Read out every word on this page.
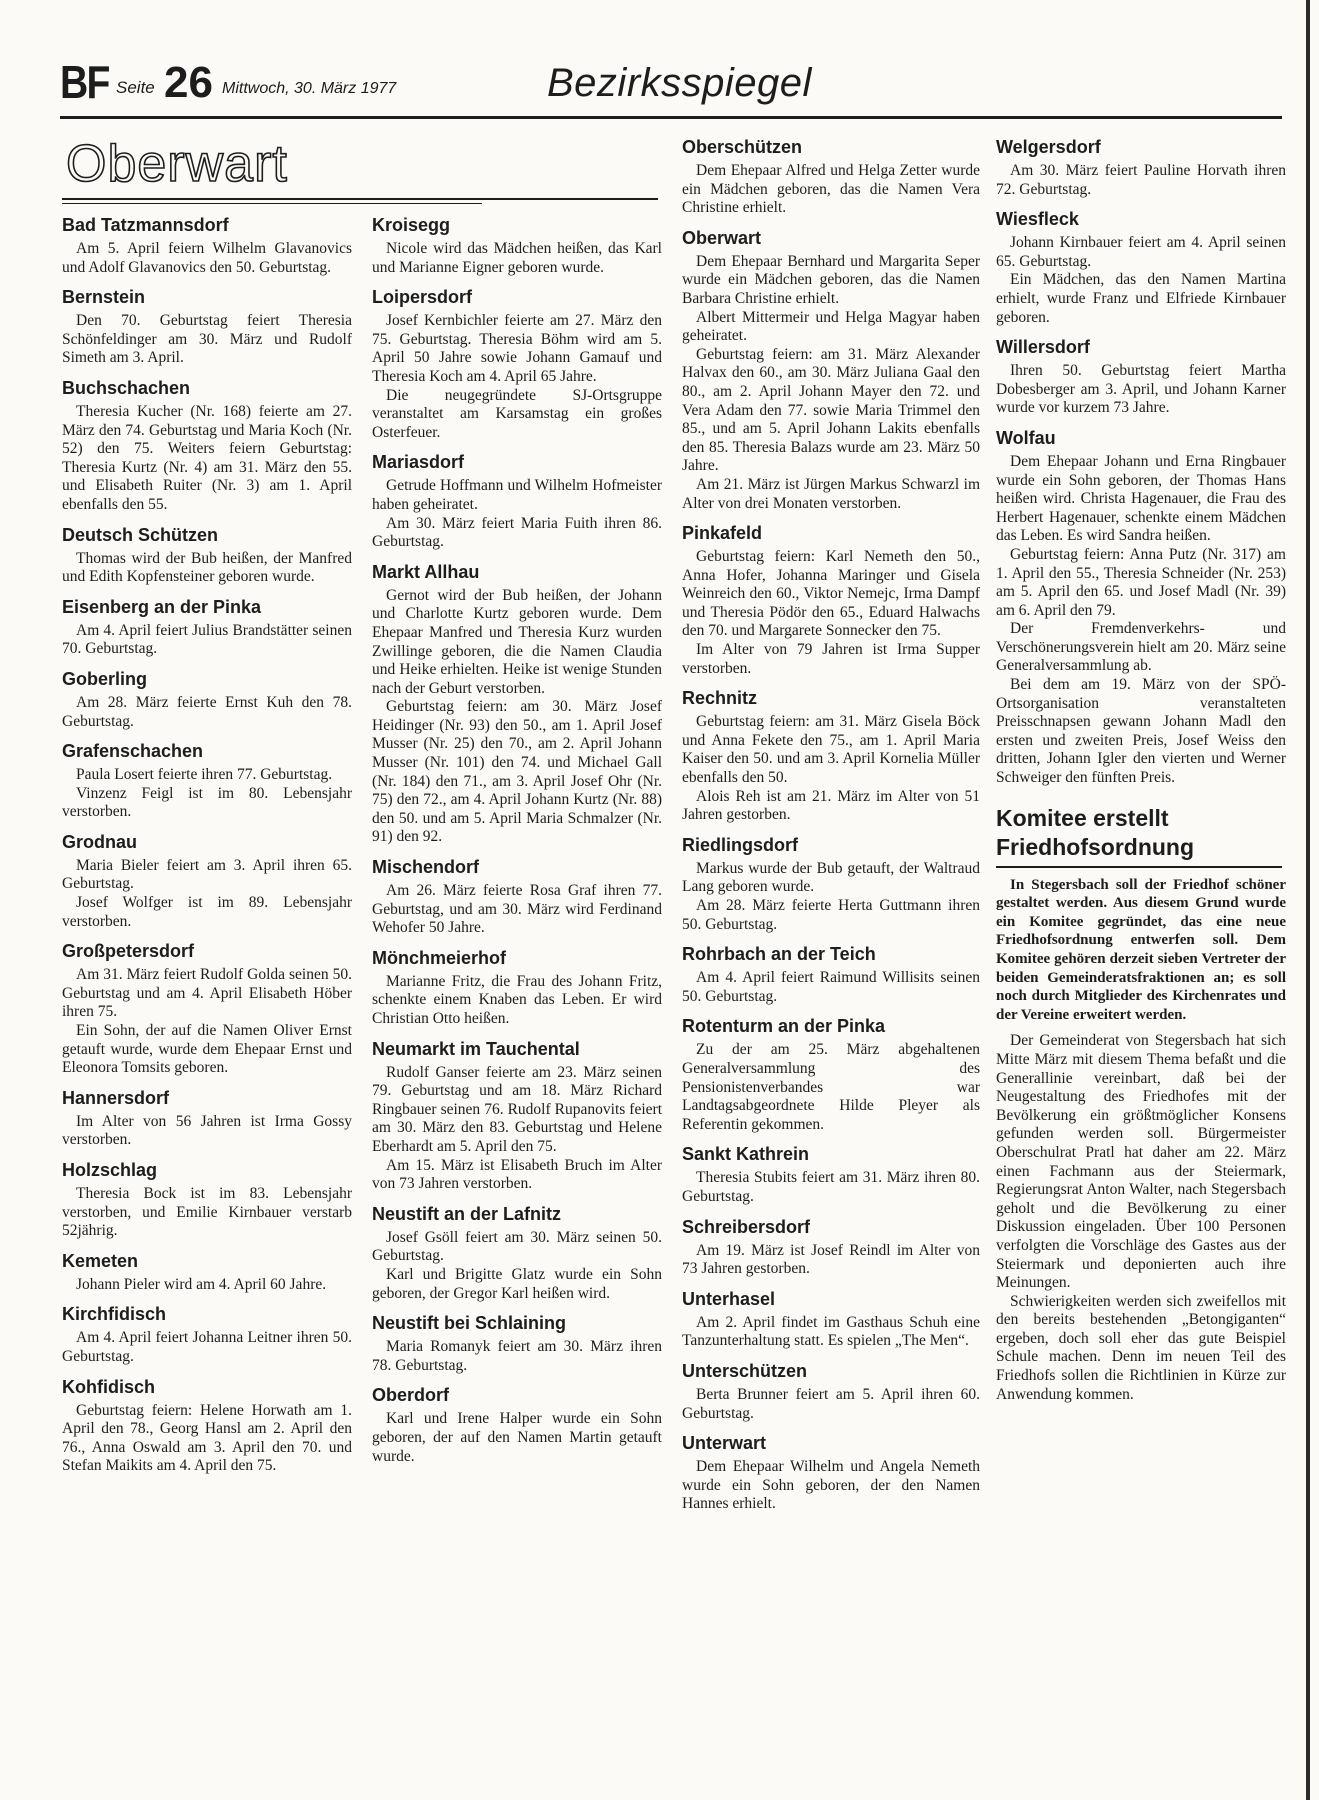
BF Seite 26 Mittwoch, 30. März 1977	Bezirksspiegel
Oberwart
Bad Tatzmannsdorf

Am 5. April feiern Wilhelm Glavanovics und Adolf Glavanovics den 50. Geburtstag.

Bernstein

Den 70. Geburtstag feiert Theresia Schönfeldinger am 30. März und Rudolf Simeth am 3. April.

Buchschachen

Theresia Kucher (Nr. 168) feierte am 27. März den 74. Geburtstag und Maria Koch (Nr. 52) den 75. Weiters feiern Geburtstag: Theresia Kurtz (Nr. 4) am 31. März den 55. und Elisabeth Ruiter (Nr. 3) am 1. April ebenfalls den 55.

Deutsch Schützen

Thomas wird der Bub heißen, der Manfred und Edith Kopfensteiner geboren wurde.

Eisenberg an der Pinka

Am 4. April feiert Julius Brandstätter seinen 70. Geburtstag.

Goberling

Am 28. März feierte Ernst Kuh den 78. Geburtstag.

Grafenschachen

Paula Losert feierte ihren 77. Geburtstag.

Vinzenz Feigl ist im 80. Lebensjahr verstorben.

Grodnau

Maria Bieler feiert am 3. April ihren 65. Geburtstag.

Josef Wolfger ist im 89. Lebensjahr verstorben.

Großpetersdorf

Am 31. März feiert Rudolf Golda seinen 50. Geburtstag und am 4. April Elisabeth Höber ihren 75.

Ein Sohn, der auf die Namen Oliver Ernst getauft wurde, wurde dem Ehepaar Ernst und Eleonora Tomsits geboren.

Hannersdorf

Im Alter von 56 Jahren ist Irma Gossy verstorben.

Holzschlag

Theresia Bock ist im 83. Lebensjahr verstorben, und Emilie Kirnbauer verstarb 52jährig.

Kemeten

Johann Pieler wird am 4. April 60 Jahre.

Kirchfidisch

Am 4. April feiert Johanna Leitner ihren 50. Geburtstag.

Kohfidisch

Geburtstag feiern: Helene Horwath am 1. April den 78., Georg Hansl am 2. April den 76., Anna Oswald am 3. April den 70. und Stefan Maikits am 4. April den 75.

Kroisegg

Nicole wird das Mädchen heißen, das Karl und Marianne Eigner geboren wurde.

Loipersdorf

Josef Kernbichler feierte am 27. März den 75. Geburtstag. Theresia Böhm wird am 5. April 50 Jahre sowie Johann Gamauf und Theresia Koch am 4. April 65 Jahre.

Die neugegründete SJ-Ortsgruppe veranstaltet am Karsamstag ein großes Osterfeuer.

Mariasdorf

Getrude Hoffmann und Wilhelm Hofmeister haben geheiratet.

Am 30. März feiert Maria Fuith ihren 86. Geburtstag.

Markt Allhau

Gernot wird der Bub heißen, der Johann und Charlotte Kurtz geboren wurde. Dem Ehepaar Manfred und Theresia Kurz wurden Zwillinge geboren, die die Namen Claudia und Heike erhielten. Heike ist wenige Stunden nach der Geburt verstorben.

Geburtstag feiern: am 30. März Josef Heidinger (Nr. 93) den 50., am 1. April Josef Musser (Nr. 25) den 70., am 2. April Johann Musser (Nr. 101) den 74. und Michael Gall (Nr. 184) den 71., am 3. April Josef Ohr (Nr. 75) den 72., am 4. April Johann Kurtz (Nr. 88) den 50. und am 5. April Maria Schmalzer (Nr. 91) den 92.

Mischendorf

Am 26. März feierte Rosa Graf ihren 77. Geburtstag, und am 30. März wird Ferdinand Wehofer 50 Jahre.

Mönchmeierhof

Marianne Fritz, die Frau des Johann Fritz, schenkte einem Knaben das Leben. Er wird Christian Otto heißen.

Neumarkt im Tauchental

Rudolf Ganser feierte am 23. März seinen 79. Geburtstag und am 18. März Richard Ringbauer seinen 76. Rudolf Rupanovits feiert am 30. März den 83. Geburtstag und Helene Eberhardt am 5. April den 75.

Am 15. März ist Elisabeth Bruch im Alter von 73 Jahren verstorben.

Neustift an der Lafnitz

Josef Gsöll feiert am 30. März seinen 50. Geburtstag.

Karl und Brigitte Glatz wurde ein Sohn geboren, der Gregor Karl heißen wird.

Neustift bei Schlaining

Maria Romanyk feiert am 30. März ihren 78. Geburtstag.

Oberdorf

Karl und Irene Halper wurde ein Sohn geboren, der auf den Namen Martin getauft wurde.

Oberschützen

Dem Ehepaar Alfred und Helga Zetter wurde ein Mädchen geboren, das die Namen Vera Christine erhielt.

Oberwart

Dem Ehepaar Bernhard und Margarita Seper wurde ein Mädchen geboren, das die Namen Barbara Christine erhielt.

Albert Mittermeir und Helga Magyar haben geheiratet.

Geburtstag feiern: am 31. März Alexander Halvax den 60., am 30. März Juliana Gaal den 80., am 2. April Johann Mayer den 72. und Vera Adam den 77. sowie Maria Trimmel den 85., und am 5. April Johann Lakits ebenfalls den 85. Theresia Balazs wurde am 23. März 50 Jahre.

Am 21. März ist Jürgen Markus Schwarzl im Alter von drei Monaten verstorben.

Pinkafeld

Geburtstag feiern: Karl Nemeth den 50., Anna Hofer, Johanna Maringer und Gisela Weinreich den 60., Viktor Nemejc, Irma Dampf und Theresia Pödör den 65., Eduard Halwachs den 70. und Margarete Sonnecker den 75.

Im Alter von 79 Jahren ist Irma Supper verstorben.

Rechnitz

Geburtstag feiern: am 31. März Gisela Böck und Anna Fekete den 75., am 1. April Maria Kaiser den 50. und am 3. April Kornelia Müller ebenfalls den 50.

Alois Reh ist am 21. März im Alter von 51 Jahren gestorben.

Riedlingsdorf

Markus wurde der Bub getauft, der Waltraud Lang geboren wurde.

Am 28. März feierte Herta Guttmann ihren 50. Geburtstag.

Rohrbach an der Teich

Am 4. April feiert Raimund Willisits seinen 50. Geburtstag.

Rotenturm an der Pinka

Zu der am 25. März abgehaltenen Generalversammlung des Pensionistenverbandes war Landtagsabgeordnete Hilde Pleyer als Referentin gekommen.

Sankt Kathrein

Theresia Stubits feiert am 31. März ihren 80. Geburtstag.

Schreibersdorf

Am 19. März ist Josef Reindl im Alter von 73 Jahren gestorben.

Unterhasel

Am 2. April findet im Gasthaus Schuh eine Tanzunterhaltung statt. Es spielen „The Men“.

Unterschützen

Berta Brunner feiert am 5. April ihren 60. Geburtstag.

Unterwart

Dem Ehepaar Wilhelm und Angela Nemeth wurde ein Sohn geboren, der den Namen Hannes erhielt.

Welgersdorf

Am 30. März feiert Pauline Horvath ihren 72. Geburtstag.

Wiesfleck

Johann Kirnbauer feiert am 4. April seinen 65. Geburtstag.

Ein Mädchen, das den Namen Martina erhielt, wurde Franz und Elfriede Kirnbauer geboren.

Willersdorf

Ihren 50. Geburtstag feiert Martha Dobesberger am 3. April, und Johann Karner wurde vor kurzem 73 Jahre.

Wolfau

Dem Ehepaar Johann und Erna Ringbauer wurde ein Sohn geboren, der Thomas Hans heißen wird. Christa Hagenauer, die Frau des Herbert Hagenauer, schenkte einem Mädchen das Leben. Es wird Sandra heißen.

Geburtstag feiern: Anna Putz (Nr. 317) am 1. April den 55., Theresia Schneider (Nr. 253) am 5. April den 65. und Josef Madl (Nr. 39) am 6. April den 79.

Der Fremdenverkehrs- und Verschönerungsverein hielt am 20. März seine Generalversammlung ab.

Bei dem am 19. März von der SPÖ-Ortsorganisation veranstalteten Preisschnapsen gewann Johann Madl den ersten und zweiten Preis, Josef Weiss den dritten, Johann Igler den vierten und Werner Schweiger den fünften Preis.

Komitee erstellt Friedhofsordnung

In Stegersbach soll der Friedhof schöner gestaltet werden. Aus diesem Grund wurde ein Komitee gegründet, das eine neue Friedhofsordnung entwerfen soll. Dem Komitee gehören derzeit sieben Vertreter der beiden Gemeinderatsfraktionen an; es soll noch durch Mitglieder des Kirchenrates und der Vereine erweitert werden.

Der Gemeinderat von Stegersbach hat sich Mitte März mit diesem Thema befaßt und die Generallinie vereinbart, daß bei der Neugestaltung des Friedhofes mit der Bevölkerung ein größtmöglicher Konsens gefunden werden soll. Bürgermeister Oberschulrat Pratl hat daher am 22. März einen Fachmann aus der Steiermark, Regierungsrat Anton Walter, nach Stegersbach geholt und die Bevölkerung zu einer Diskussion eingeladen. Über 100 Personen verfolgten die Vorschläge des Gastes aus der Steiermark und deponierten auch ihre Meinungen.

Schwierigkeiten werden sich zweifellos mit den bereits bestehenden „Betongiganten“ ergeben, doch soll eher das gute Beispiel Schule machen. Denn im neuen Teil des Friedhofs sollen die Richtlinien in Kürze zur Anwendung kommen.
